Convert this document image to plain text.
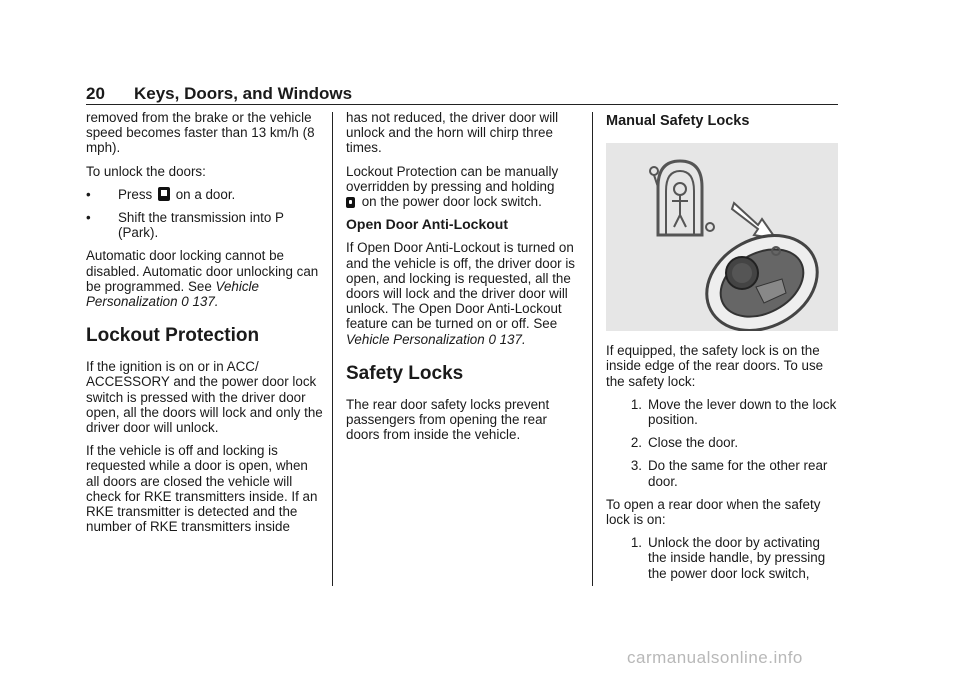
20 Keys, Doors, and Windows

removed from the brake or the vehicle speed becomes faster than 13 km/h (8 mph).

To unlock the doors:

•	Press on a door.
•	Shift the transmission into P (Park).

Automatic door locking cannot be disabled. Automatic door unlocking can be programmed. See Vehicle Personalization 0 137.

Lockout Protection

If the ignition is on or in ACC/ ACCESSORY and the power door lock switch is pressed with the driver door open, all the doors will lock and only the driver door will unlock.

If the vehicle is off and locking is requested while a door is open, when all doors are closed the vehicle will check for RKE transmitters inside. If an RKE transmitter is detected and the number of RKE transmitters inside

has not reduced, the driver door will unlock and the horn will chirp three times.

Lockout Protection can be manually overridden by pressing and holding
on the power door lock switch.

Open Door Anti-Lockout

If Open Door Anti-Lockout is turned on and the vehicle is off, the driver door is open, and locking is requested, all the doors will lock and the driver door will unlock. The Open Door Anti-Lockout feature can be turned on or off. See Vehicle Personalization 0 137.

Safety Locks

The rear door safety locks prevent passengers from opening the rear doors from inside the vehicle.

Manual Safety Locks

If equipped, the safety lock is on the inside edge of the rear doors. To use the safety lock:

1. Move the lever down to the lock position.
2. Close the door.
3. Do the same for the other rear door.

To open a rear door when the safety lock is on:

1. Unlock the door by activating the inside handle, by pressing the power door lock switch,
carmanualsonline.info
